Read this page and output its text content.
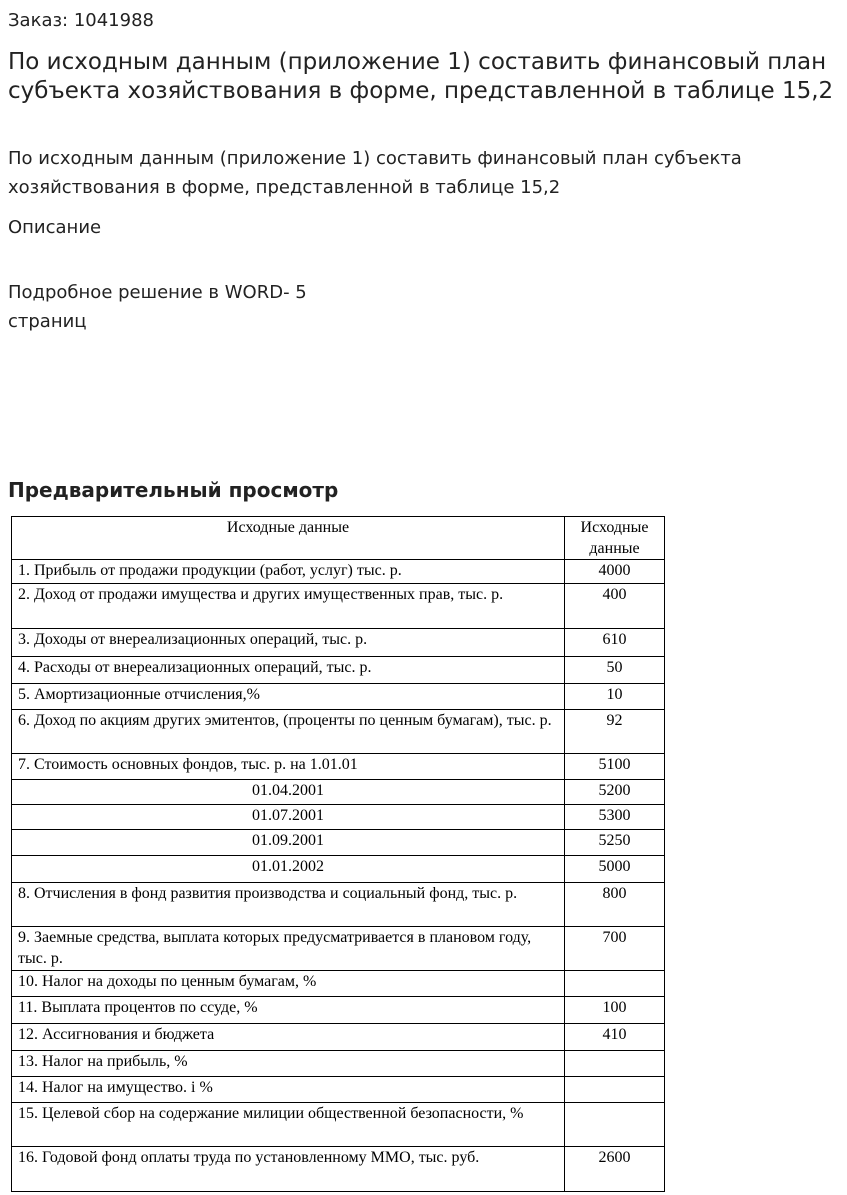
Заказ: 1041988
По исходным данным (приложение 1) составить финансовый план субъекта хозяйствования в форме, представленной в таблице 15,2
По исходным данным (приложение 1) составить финансовый план субъекта хозяйствования в форме, представленной в таблице 15,2
Описание
Подробное решение в WORD- 5 страниц
Предварительный просмотр
Исходные данные	Исходные данные
1. Прибыль от продажи продукции (работ, услуг) тыс. р.	4000
2. Доход от продажи имущества и других имущественных прав, тыс. р.	400
3. Доходы от внереализационных операций, тыс. р.	610
4. Расходы от внереализационных операций, тыс. р.	50
5. Амортизационные отчисления,%	10
6. Доход по акциям других эмитентов, (проценты по ценным бумагам), тыс. р.	92
7. Стоимость основных фондов, тыс. р. на 1.01.01	5100
01.04.2001	5200
01.07.2001	5300
01.09.2001	5250
01.01.2002	5000
8. Отчисления в фонд развития производства и социальный фонд, тыс. р.	800
9. Заемные средства, выплата которых предусматривается в плановом году, тыс. р.	700
10. Налог на доходы по ценным бумагам, %	
11. Выплата процентов по ссуде, %	100
12. Ассигнования и бюджета	410
13. Налог на прибыль, %	
14. Налог на имущество. i %	
15. Целевой сбор на содержание милиции общественной безопасности, %	
16. Годовой фонд оплаты труда по установленному ММО, тыс. руб.	2600
